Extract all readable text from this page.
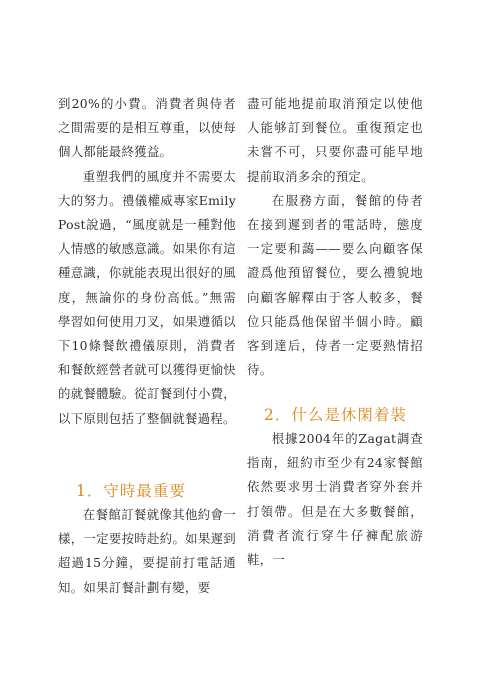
到20%的小費。消費者與侍者之間需要的是相互尊重，以使每個人都能最終獲益。

重塑我們的風度并不需要太大的努力。禮儀權威專家Emily Post說過，“風度就是一種對他人情感的敏感意識。如果你有這種意識，你就能表現出很好的風度，無論你的身份高低。”無需學習如何使用刀叉，如果遵循以下10條餐飲禮儀原則，消費者和餐飲經營者就可以獲得更愉快的就餐體驗。從訂餐到付小費，以下原則包括了整個就餐過程。

1．守時最重要

在餐館訂餐就像其他約會一樣，一定要按時赴約。如果遲到超過15分鐘，要提前打電話通知。如果訂餐計劃有變，要

盡可能地提前取消預定以使他人能够訂到餐位。重復預定也未嘗不可，只要你盡可能早地提前取消多余的預定。

在服務方面，餐館的侍者在接到遲到者的電話時，態度一定要和藹——要么向顧客保證爲他預留餐位，要么禮貌地向顧客解釋由于客人較多，餐位只能爲他保留半個小時。顧客到達后，侍者一定要熱情招待。

2．什么是休閑着裝

根據2004年的Zagat調查指南，紐約市至少有24家餐館依然要求男士消費者穿外套并打領帶。但是在大多數餐館，消費者流行穿牛仔褲配旅游鞋，一
